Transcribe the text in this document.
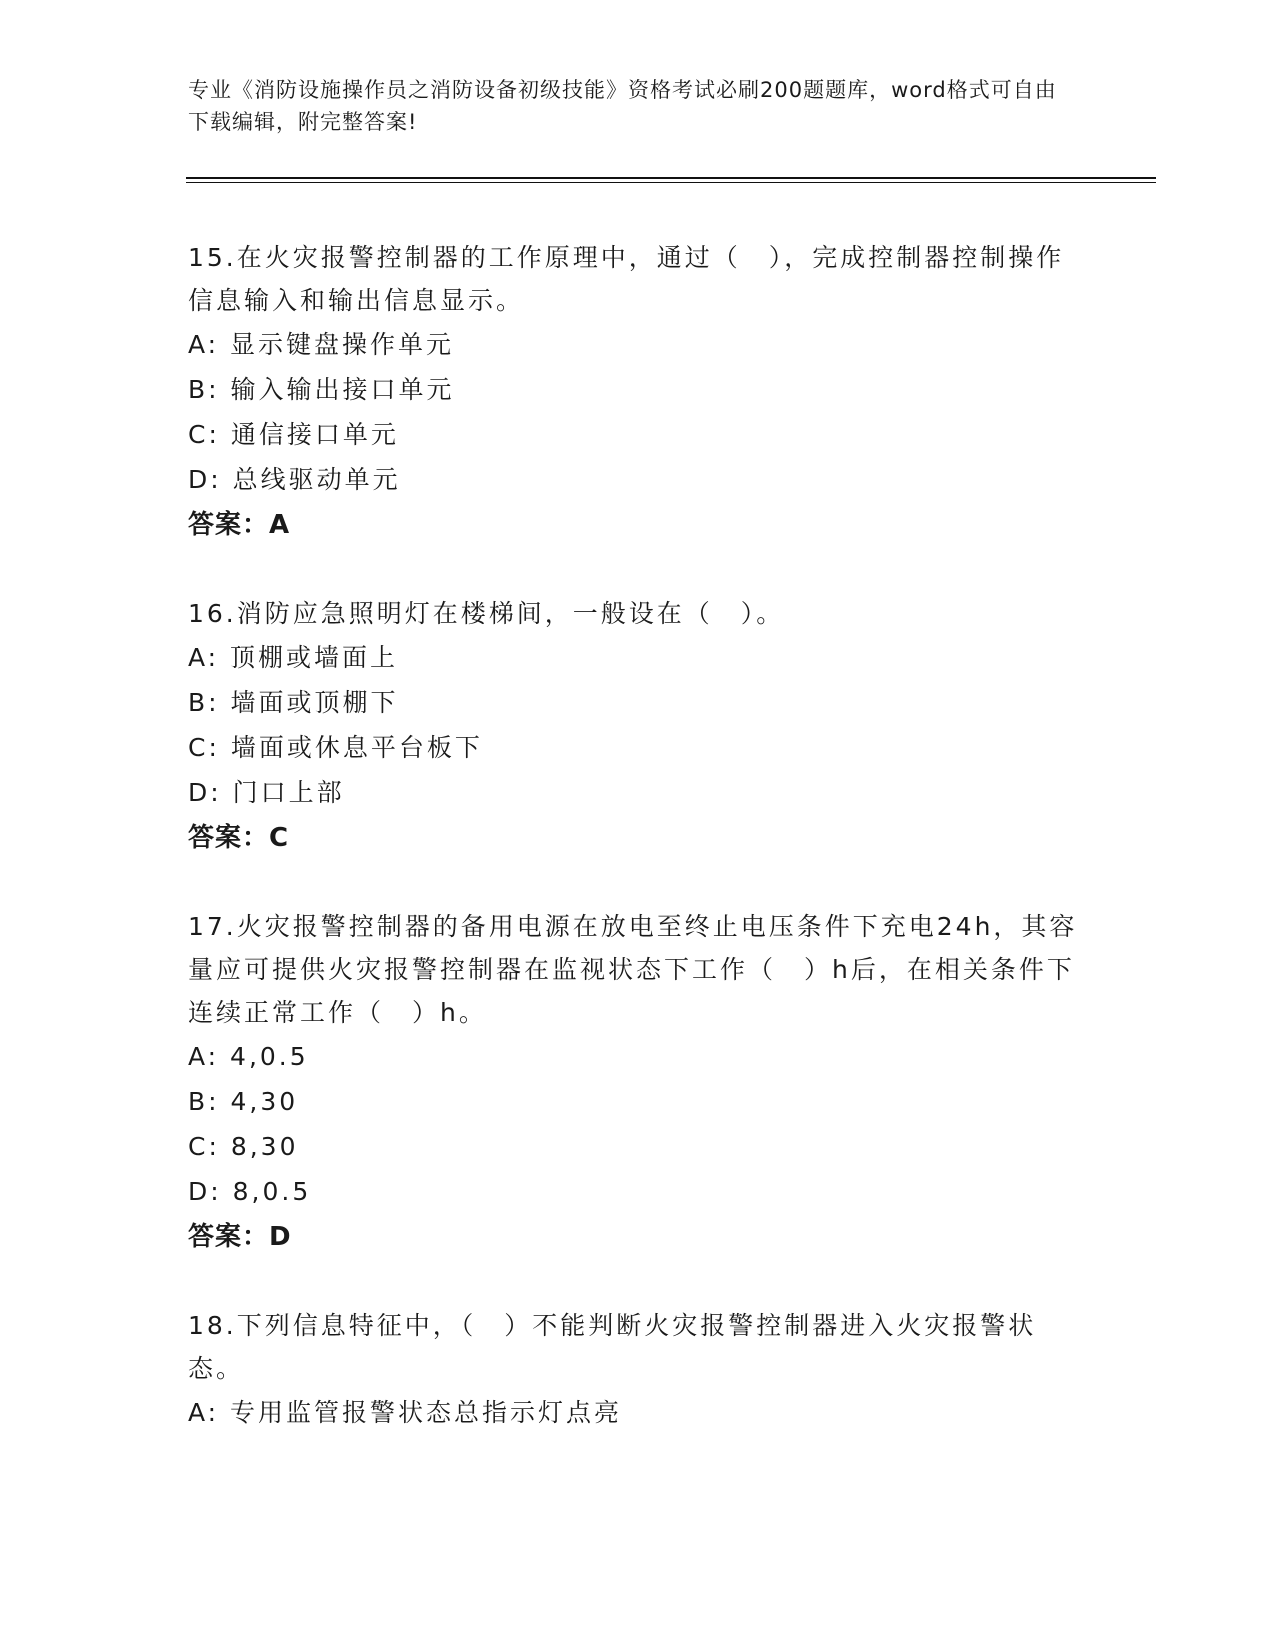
专业《消防设施操作员之消防设备初级技能》资格考试必刷200题题库，word格式可自由下载编辑，附完整答案!

15.在火灾报警控制器的工作原理中，通过（　），完成控制器控制操作信息输入和输出信息显示。

A: 显示键盘操作单元

B: 输入输出接口单元

C: 通信接口单元

D: 总线驱动单元

答案：A

16.消防应急照明灯在楼梯间，一般设在（　）。

A: 顶棚或墙面上

B: 墙面或顶棚下

C: 墙面或休息平台板下

D: 门口上部

答案：C

17.火灾报警控制器的备用电源在放电至终止电压条件下充电24h，其容量应可提供火灾报警控制器在监视状态下工作（　）h后，在相关条件下连续正常工作（　）h。

A: 4,0.5

B: 4,30

C: 8,30

D: 8,0.5

答案：D

18.下列信息特征中，（　）不能判断火灾报警控制器进入火灾报警状态。

A: 专用监管报警状态总指示灯点亮
